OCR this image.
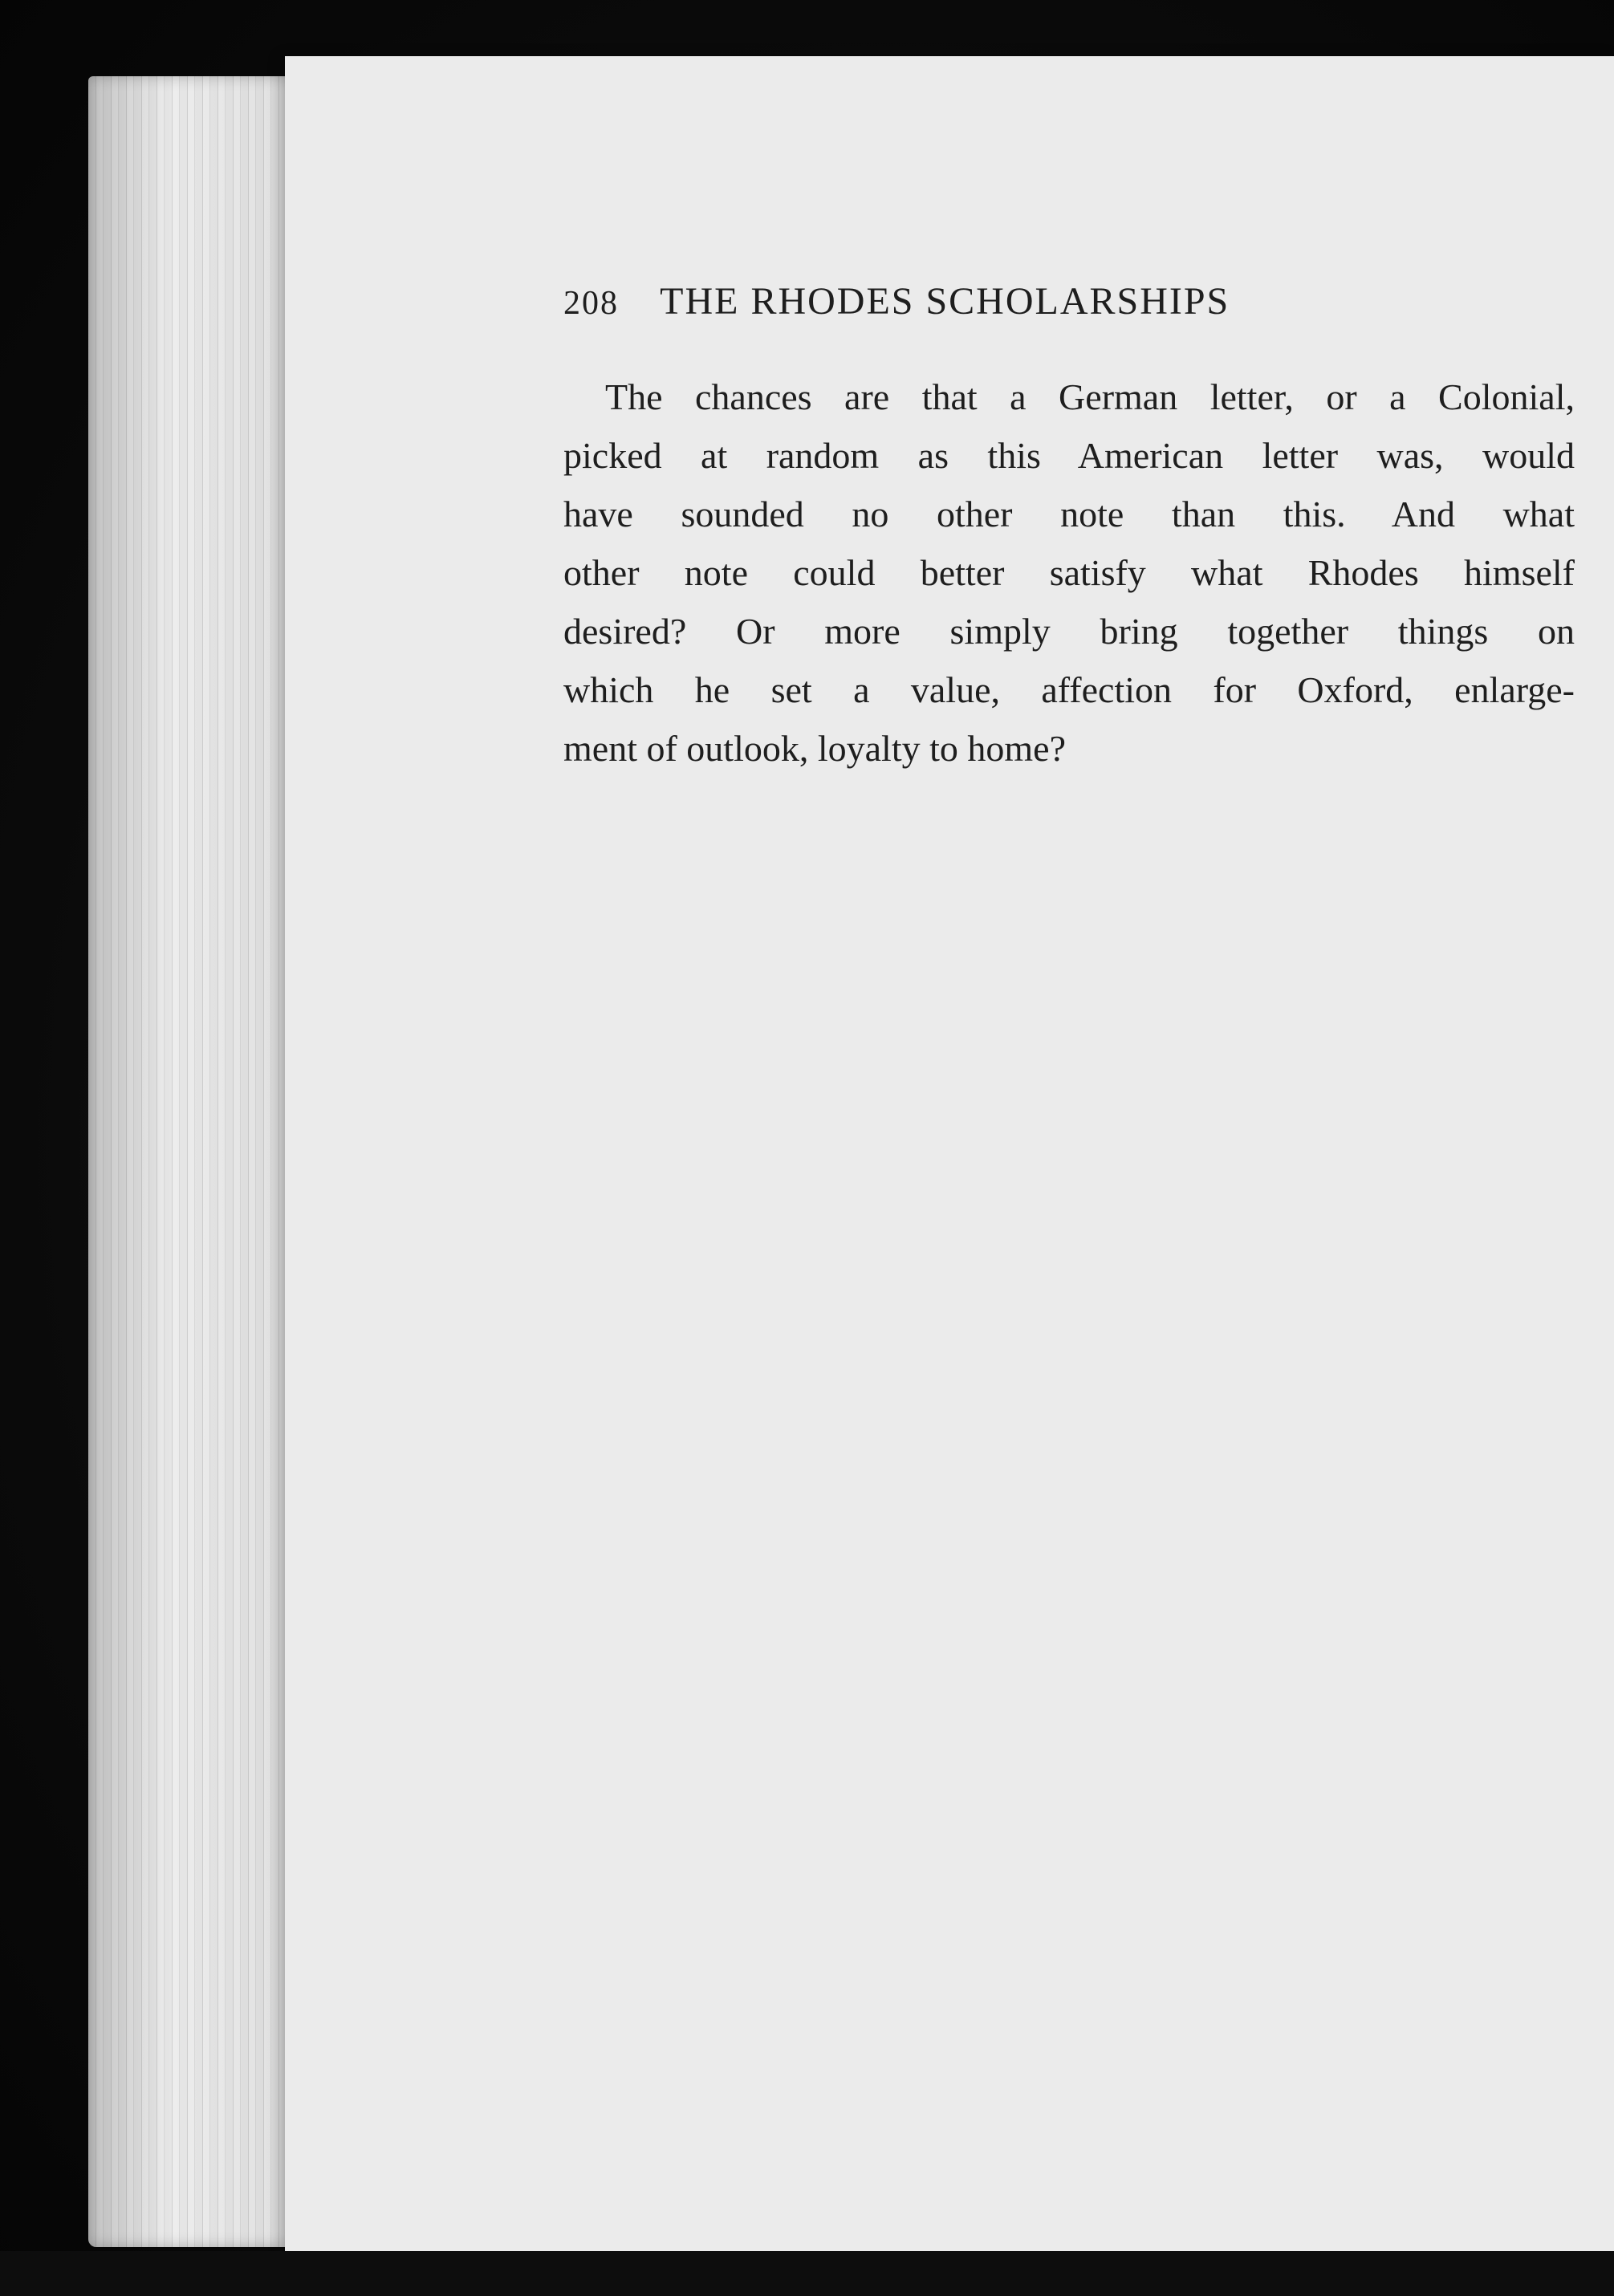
208 THE RHODES SCHOLARSHIPS
The chances are that a German letter, or a Colonial,
picked at random as this American letter was, would
have sounded no other note than this. And what
other note could better satisfy what Rhodes himself
desired? Or more simply bring together things on
which he set a value, affection for Oxford, enlarge-
ment of outlook, loyalty to home?
